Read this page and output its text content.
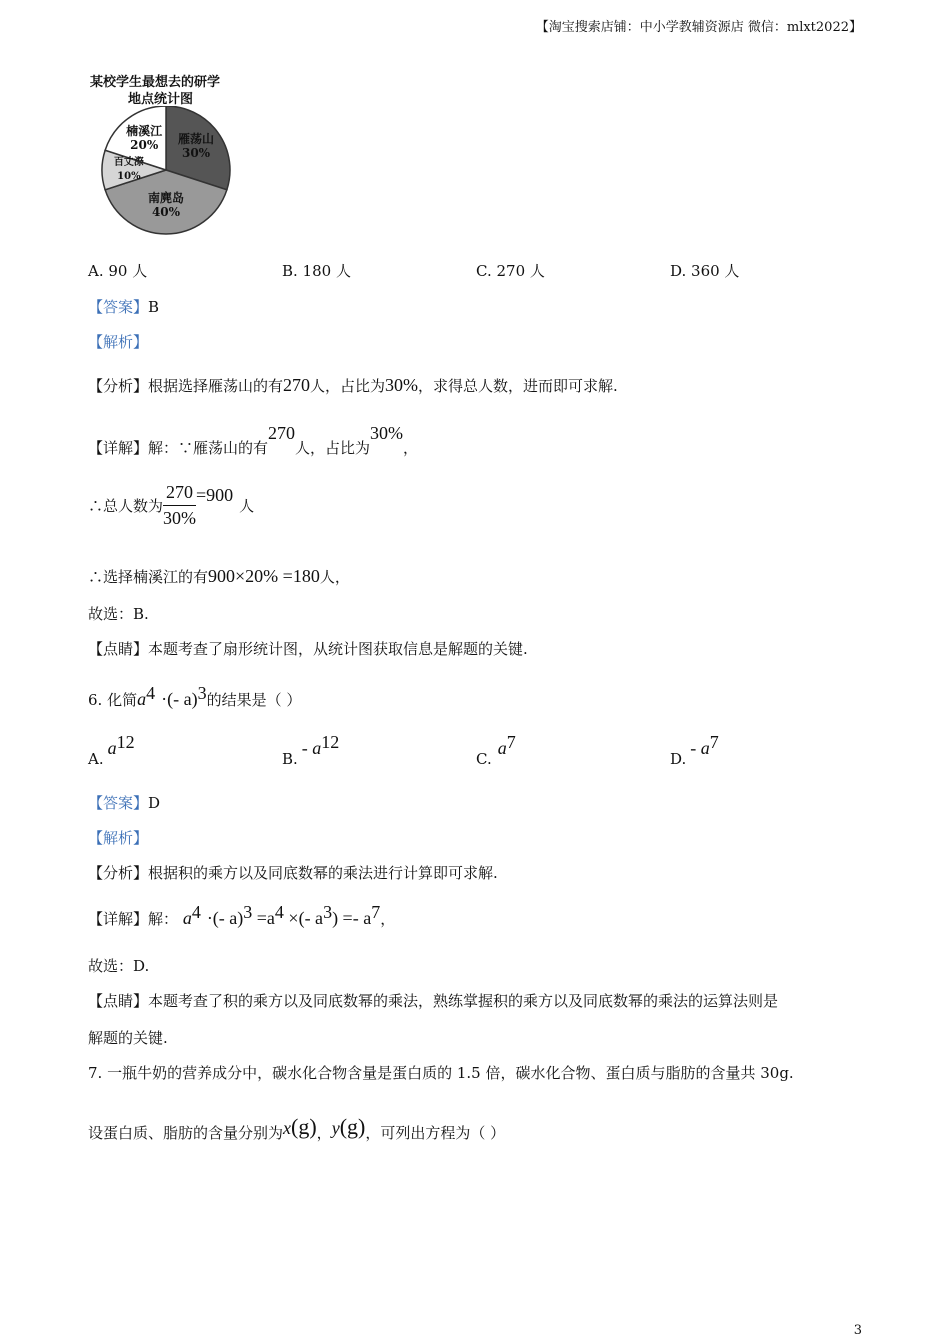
【淘宝搜索店铺：中小学教辅资源店 微信：mlxt2022】
某校学生最想去的研学
地点统计图
雁荡山
30%
南麂岛
40%
百丈漈
10%
楠溪江
20%
A. 90 人	B. 180 人	C. 270 人	D. 360 人
【答案】B
【解析】
【分析】根据选择雁荡山的有270人，占比为30%，求得总人数，进而即可求解.
【详解】解：∵雁荡山的有270人，占比为30%，
∴总人数为 $\frac{270}{30\%} =900$人
∴选择楠溪江的有900×20% =180人，
故选：B.
【点睛】本题考查了扇形统计图，从统计图获取信息是解题的关键.
6. 化简$a^4$ ·(- a)$^3$的结果是（ ）
$A.a^{12}$
B.- $a^{12}$
$C.a^7$
D.- $a^7$
【答案】D
【解析】
【分析】根据积的乘方以及同底数幂的乘法进行计算即可求解.
【详解】解： $a^4$ ·(- $a)^3 =a^4$ ×(- $a^3) =- a^7$，
故选：D.
【点睛】本题考查了积的乘方以及同底数幂的乘法，熟练掌握积的乘方以及同底数幂的乘法的运算法则是
解题的关键.
7. 一瓶牛奶的营养成分中，碳水化合物含量是蛋白质的 1.5 倍，碳水化合物、蛋白质与脂肪的含量共 30g.
设蛋白质、脂肪的含量分别为x(g)，y(g)，可列出方程为（ ）
3
